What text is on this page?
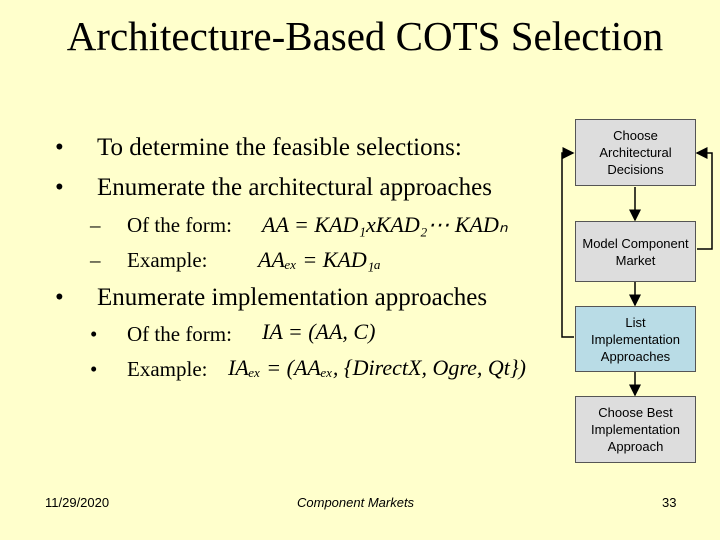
Architecture-Based COTS Selection
• To determine the feasible selections:
• Enumerate the architectural approaches
– Of the form: AA = KAD₁xKAD₂⋯ KADₙ
– Example: AAₑₓ = KAD₁ₐ
• Enumerate implementation approaches
• Of the form: IA = (AA, C)
• Example: IAₑₓ = (AAₑₓ, {DirectX, Ogre, Qt})
Choose Architectural Decisions
Model Component Market
List Implementation Approaches
Choose Best Implementation Approach
11/29/2020	Component Markets	33
